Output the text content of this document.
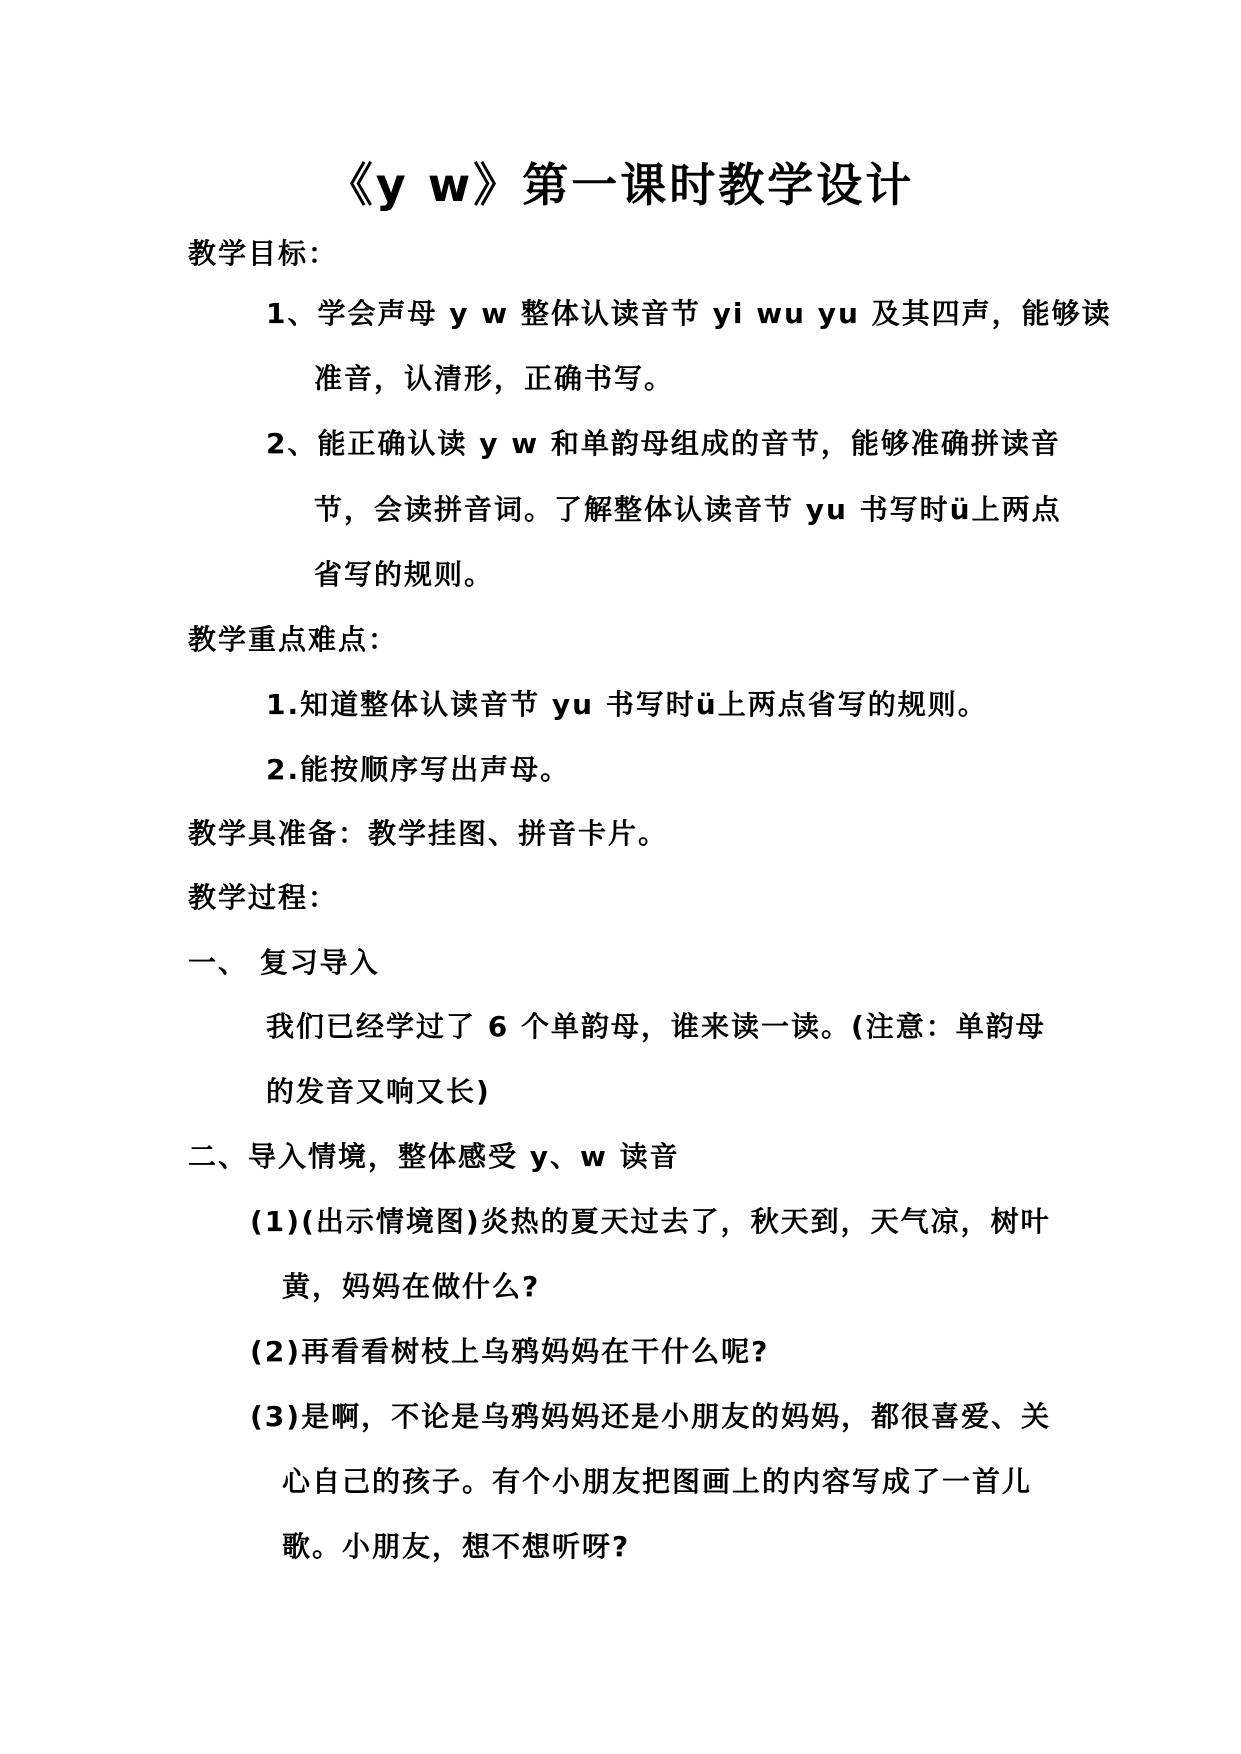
《y w》第一课时教学设计
教学目标：
1、学会声母 y w 整体认读音节 yi wu yu 及其四声，能够读
准音，认清形，正确书写。
2、能正确认读 y w 和单韵母组成的音节，能够准确拼读音
节，会读拼音词。了解整体认读音节 yu 书写时ü上两点
省写的规则。
教学重点难点：
1.知道整体认读音节 yu 书写时ü上两点省写的规则。
2.能按顺序写出声母。
教学具准备：教学挂图、拼音卡片。
教学过程：
一、 复习导入
我们已经学过了 6 个单韵母，谁来读一读。(注意：单韵母
的发音又响又长)
二、导入情境，整体感受 y、w 读音
(1)(出示情境图)炎热的夏天过去了，秋天到，天气凉，树叶
黄，妈妈在做什么?
(2)再看看树枝上乌鸦妈妈在干什么呢?
(3)是啊，不论是乌鸦妈妈还是小朋友的妈妈，都很喜爱、关
心自己的孩子。有个小朋友把图画上的内容写成了一首儿
歌。小朋友，想不想听呀?
